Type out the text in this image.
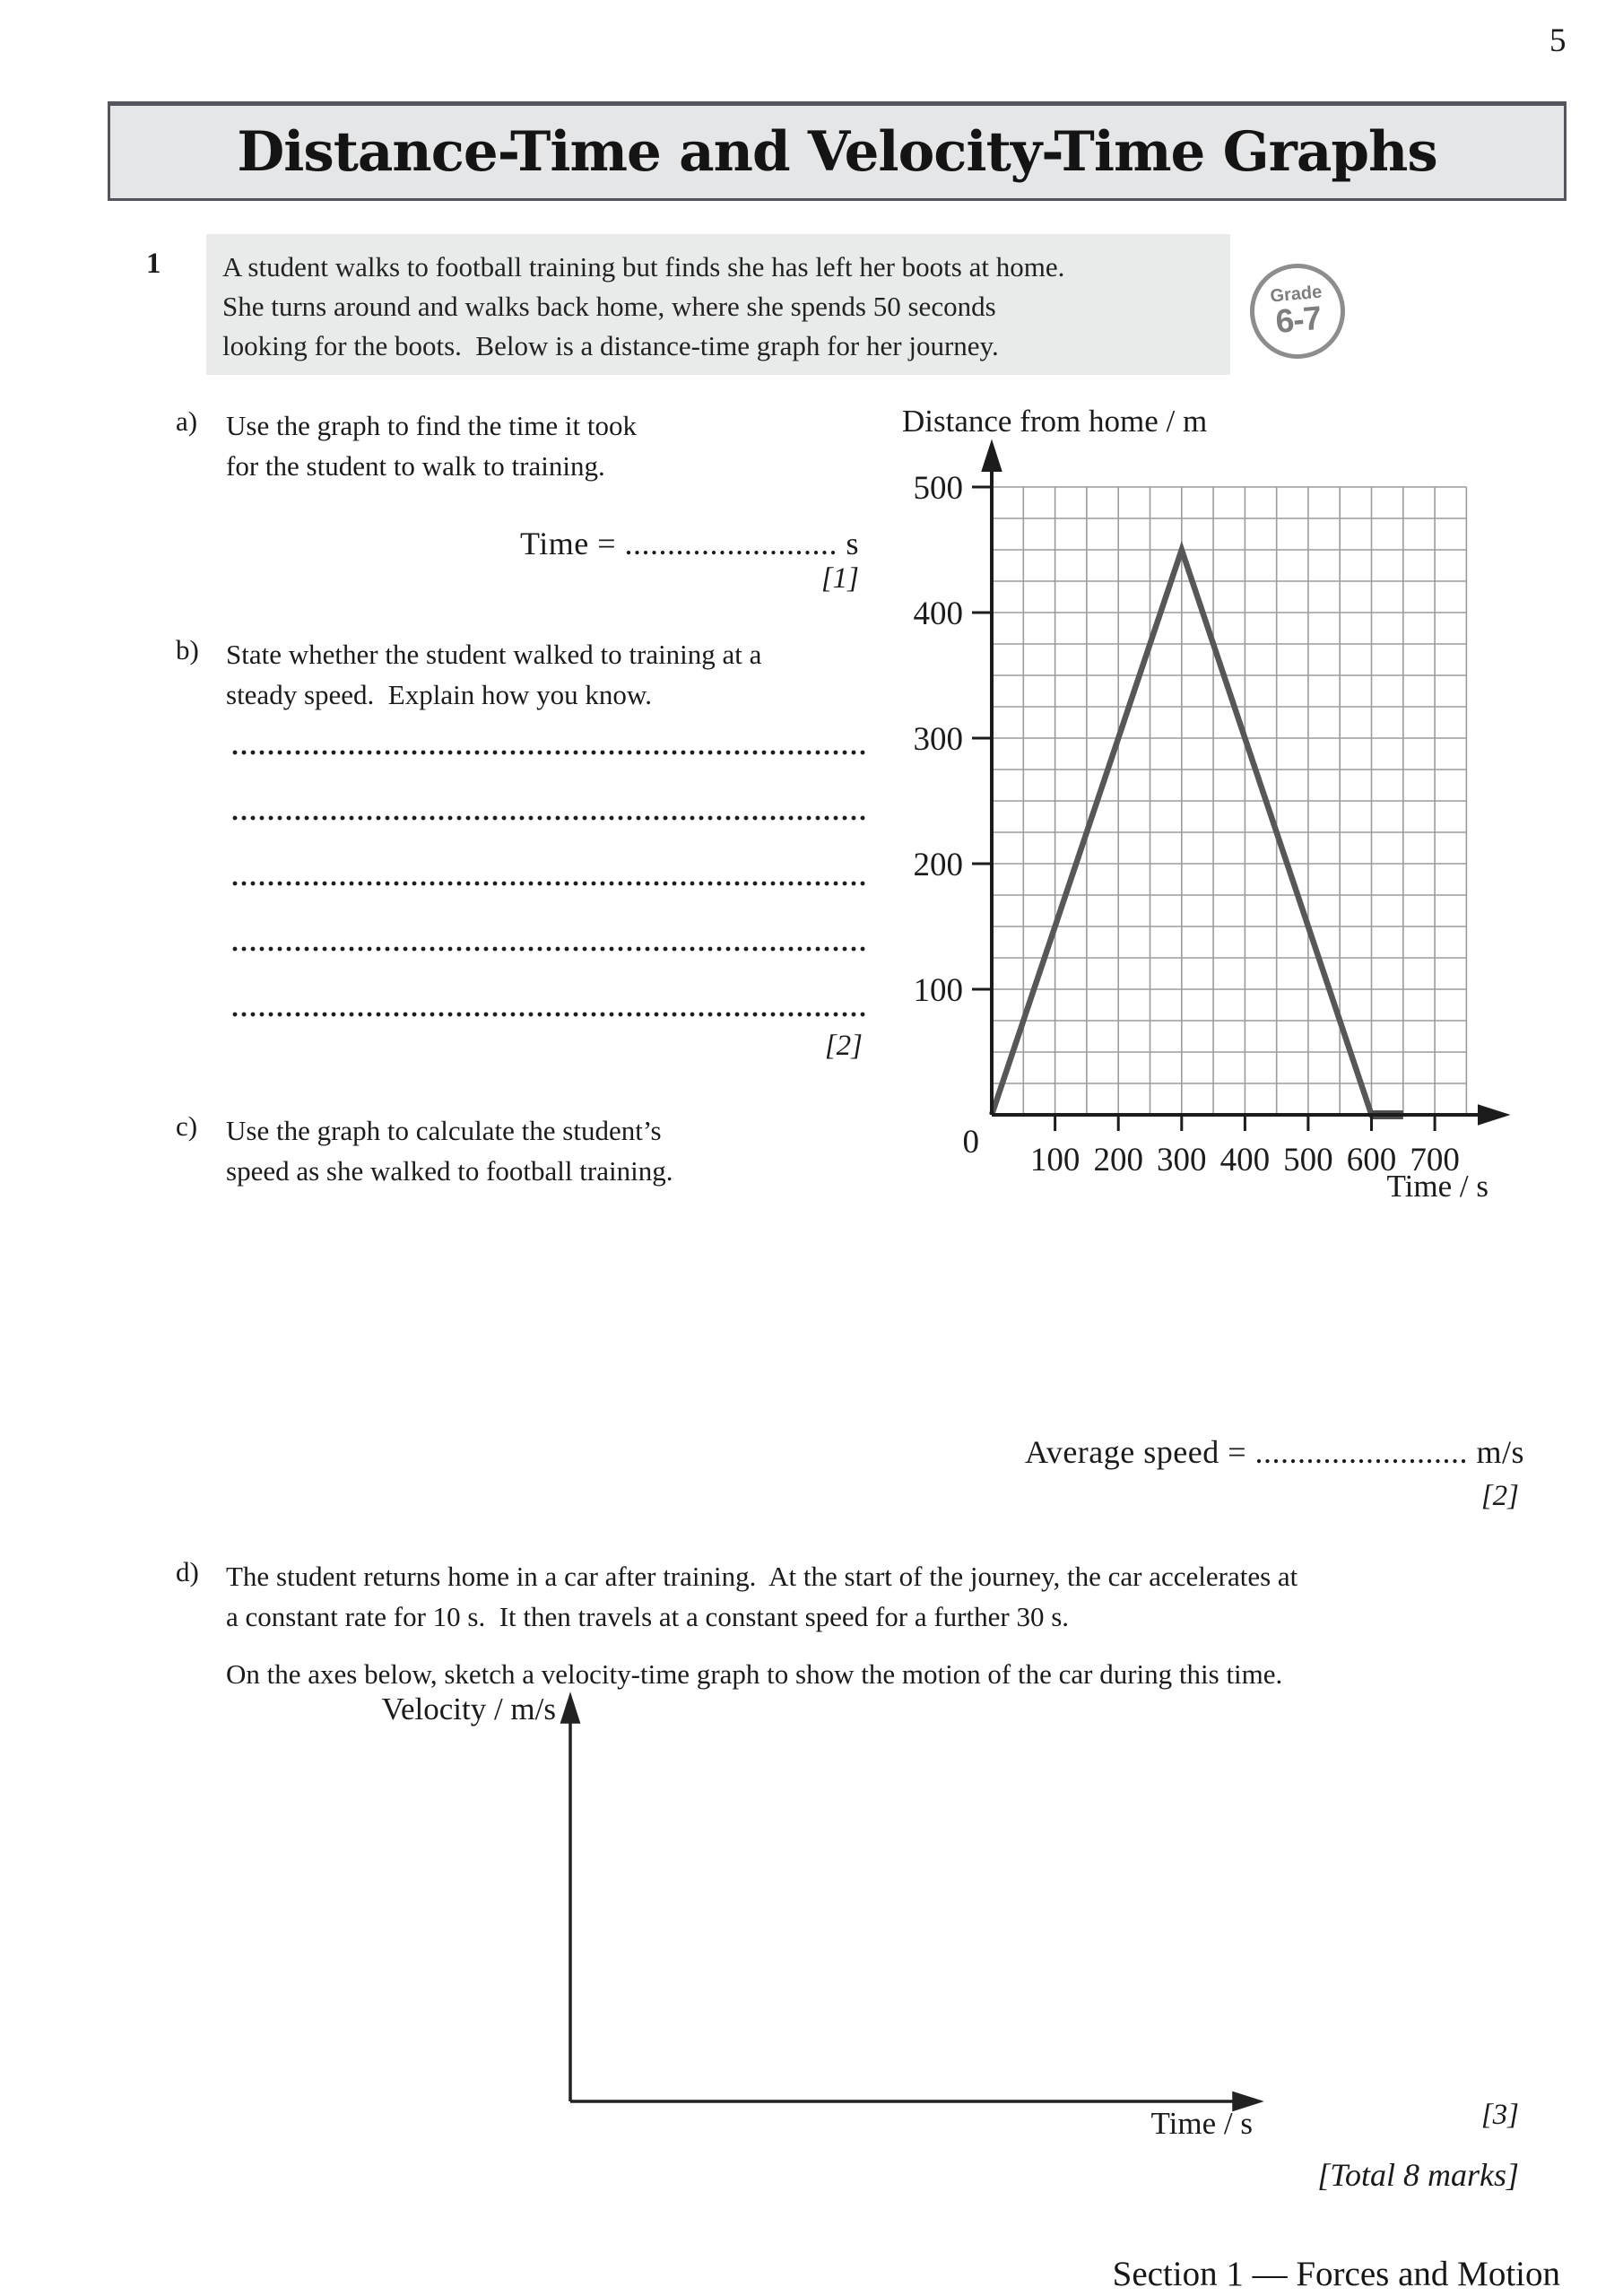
5
Distance-Time and Velocity-Time Graphs
1 A student walks to football training but finds she has left her boots at home.
She turns around and walks back home, where she spends 50 seconds
looking for the boots.  Below is a distance-time graph for her journey.
Grade
6-7
a) Use the graph to find the time it took
for the student to walk to training.
Time = ......................... s
[1]
b) State whether the student walked to training at a
steady speed.  Explain how you know.
[2]
c) Use the graph to calculate the student’s
speed as she walked to football training.
Average speed = ......................... m/s
[2]
Distance from home / m
100 200 300 400 500 600 700
100
200
300
400
500
0
Time / s
d) The student returns home in a car after training.  At the start of the journey, the car accelerates at
a constant rate for 10 s.  It then travels at a constant speed for a further 30 s.
On the axes below, sketch a velocity-time graph to show the motion of the car during this time.
Velocity / m/s
Time / s	[3]
[Total 8 marks]
Section 1 — Forces and Motion
